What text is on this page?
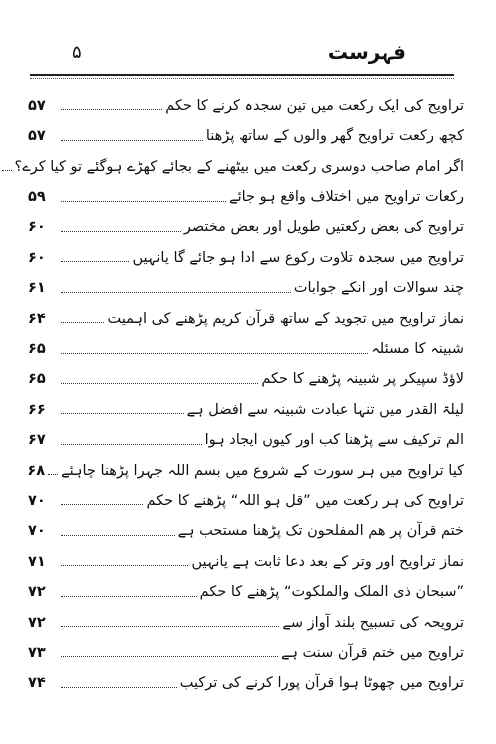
۵	فہرست
تراویح کی ایک رکعت میں تین سجدہ کرنے کا حکم
۵۷
کچھ رکعت تراویح گھر والوں کے ساتھ پڑھنا
۵۷
اگر امام صاحب دوسری رکعت میں بیٹھنے کے بجائے کھڑے ہوگئے تو کیا کرے؟
رکعات تراویح میں اختلاف واقع ہو جائے
۵۹
تراویح کی بعض رکعتیں طویل اور بعض مختصر
۶۰
تراویح میں سجدہ تلاوت رکوع سے ادا ہو جائے گا یانہیں
۶۰
چند سوالات اور انکے جوابات
۶۱
نماز تراویح میں تجوید کے ساتھ قرآن کریم پڑھنے کی اہمیت
۶۴
شبینہ کا مسئلہ
۶۵
لاؤڈ سپیکر پر شبینہ پڑھنے کا حکم
۶۵
لیلۃ القدر میں تنہا عبادت شبینہ سے افضل ہے
۶۶
الم ترکیف سے پڑھنا کب اور کیوں ایجاد ہوا
۶۷
کیا تراویح میں ہر سورت کے شروع میں بسم اللہ جہرا پڑھنا چاہئے
۶۸
تراویح کی ہر رکعت میں ”قل ہو اللہ“ پڑھنے کا حکم
۷۰
ختم قرآن پر ھم المفلحون تک پڑھنا مستحب ہے
۷۰
نماز تراویح اور وتر کے بعد دعا ثابت ہے یانہیں
۷۱
”سبحان ذی الملک والملکوت“ پڑھنے کا حکم
۷۲
ترویحہ کی تسبیح بلند آواز سے
۷۲
تراویح میں ختم قرآن سنت ہے
۷۳
تراویح میں چھوٹا ہوا قرآن پورا کرنے کی ترکیب
۷۴
